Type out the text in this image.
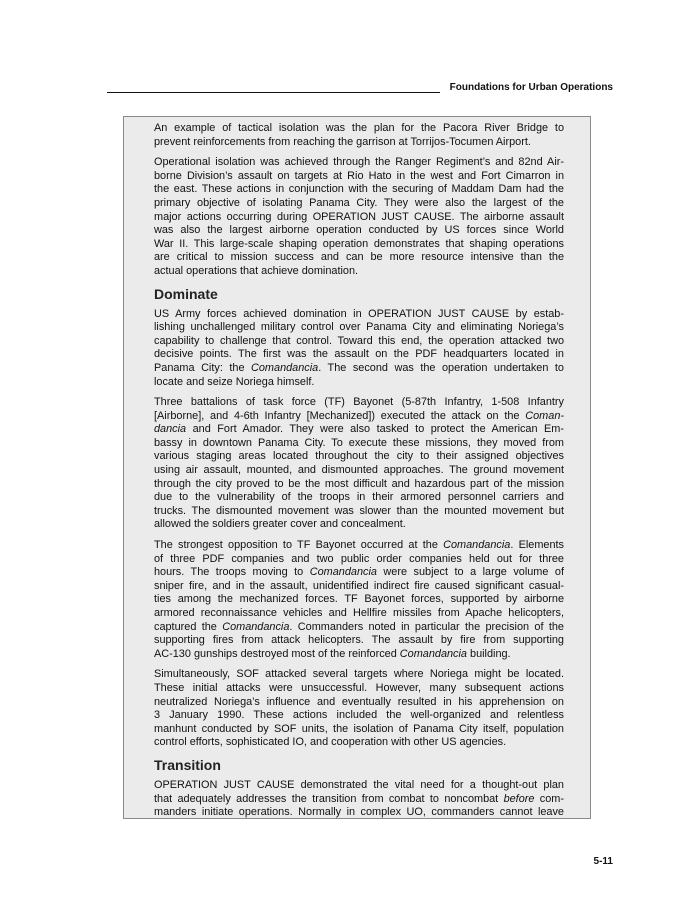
Foundations for Urban Operations
An example of tactical isolation was the plan for the Pacora River Bridge to
prevent reinforcements from reaching the garrison at Torrijos-Tocumen Airport.
Operational isolation was achieved through the Ranger Regiment’s and 82nd Air-
borne Division’s assault on targets at Rio Hato in the west and Fort Cimarron in
the east. These actions in conjunction with the securing of Maddam Dam had the
primary objective of isolating Panama City. They were also the largest of the
major actions occurring during OPERATION JUST CAUSE. The airborne assault
was also the largest airborne operation conducted by US forces since World
War II. This large-scale shaping operation demonstrates that shaping operations
are critical to mission success and can be more resource intensive than the
actual operations that achieve domination.
Dominate
US Army forces achieved domination in OPERATION JUST CAUSE by estab-
lishing unchallenged military control over Panama City and eliminating Noriega’s
capability to challenge that control. Toward this end, the operation attacked two
decisive points. The first was the assault on the PDF headquarters located in
Panama City: the Comandancia. The second was the operation undertaken to
locate and seize Noriega himself.
Three battalions of task force (TF) Bayonet (5-87th Infantry, 1-508 Infantry
[Airborne], and 4-6th Infantry [Mechanized]) executed the attack on the Coman-
dancia and Fort Amador. They were also tasked to protect the American Em-
bassy in downtown Panama City. To execute these missions, they moved from
various staging areas located throughout the city to their assigned objectives
using air assault, mounted, and dismounted approaches. The ground movement
through the city proved to be the most difficult and hazardous part of the mission
due to the vulnerability of the troops in their armored personnel carriers and
trucks. The dismounted movement was slower than the mounted movement but
allowed the soldiers greater cover and concealment.
The strongest opposition to TF Bayonet occurred at the Comandancia. Elements
of three PDF companies and two public order companies held out for three
hours. The troops moving to Comandancia were subject to a large volume of
sniper fire, and in the assault, unidentified indirect fire caused significant casual-
ties among the mechanized forces. TF Bayonet forces, supported by airborne
armored reconnaissance vehicles and Hellfire missiles from Apache helicopters,
captured the Comandancia. Commanders noted in particular the precision of the
supporting fires from attack helicopters. The assault by fire from supporting
AC-130 gunships destroyed most of the reinforced Comandancia building.
Simultaneously, SOF attacked several targets where Noriega might be located.
These initial attacks were unsuccessful. However, many subsequent actions
neutralized Noriega’s influence and eventually resulted in his apprehension on
3 January 1990. These actions included the well-organized and relentless
manhunt conducted by SOF units, the isolation of Panama City itself, population
control efforts, sophisticated IO, and cooperation with other US agencies.
Transition
OPERATION JUST CAUSE demonstrated the vital need for a thought-out plan
that adequately addresses the transition from combat to noncombat before com-
manders initiate operations. Normally in complex UO, commanders cannot leave
5-11
